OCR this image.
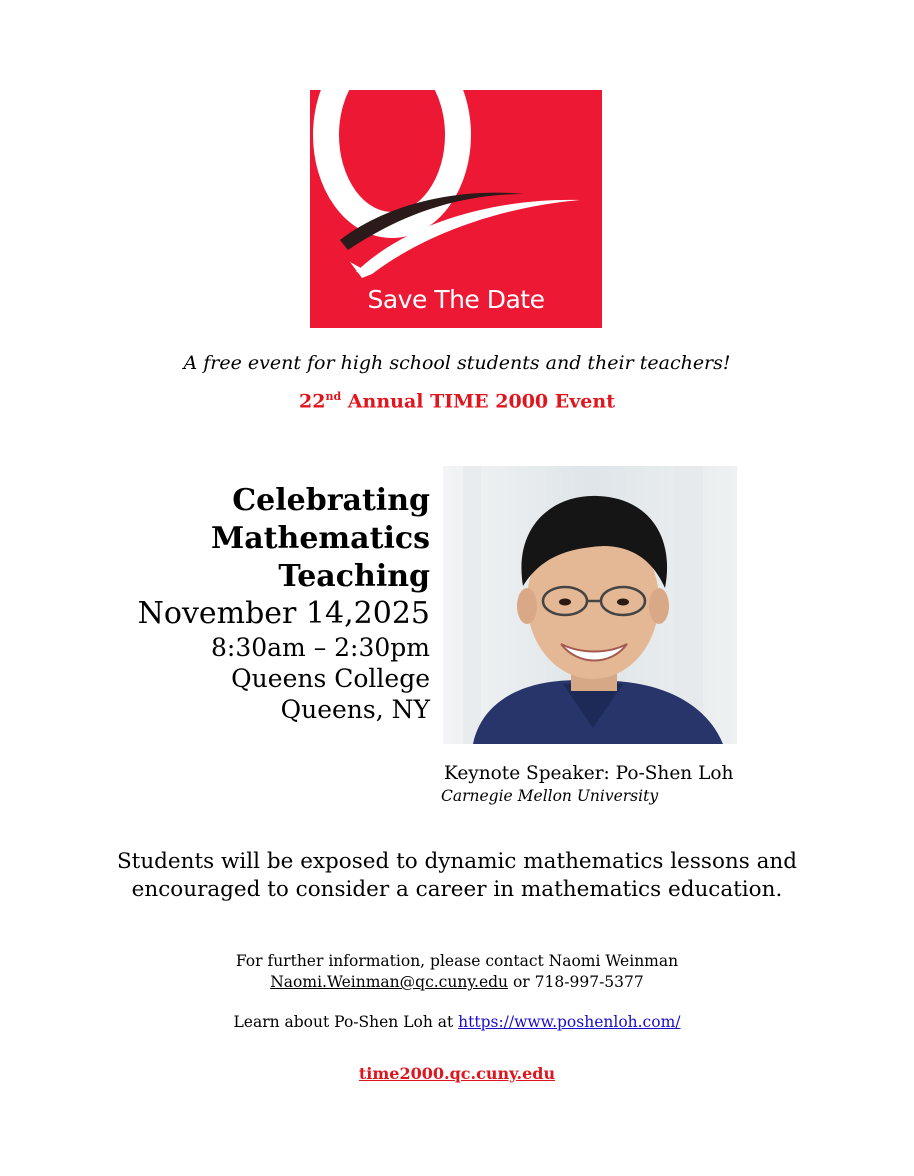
Save The Date
A free event for high school students and their teachers!
22nd Annual TIME 2000 Event
Celebrating
Mathematics
Teaching
November 14,2025
8:30am – 2:30pm
Queens College
Queens, NY
Keynote Speaker: Po-Shen Loh
Carnegie Mellon University
Students will be exposed to dynamic mathematics lessons and
encouraged to consider a career in mathematics education.
For further information, please contact Naomi Weinman
Naomi.Weinman@qc.cuny.edu or 718-997-5377
Learn about Po-Shen Loh at https://www.poshenloh.com/
time2000.qc.cuny.edu
